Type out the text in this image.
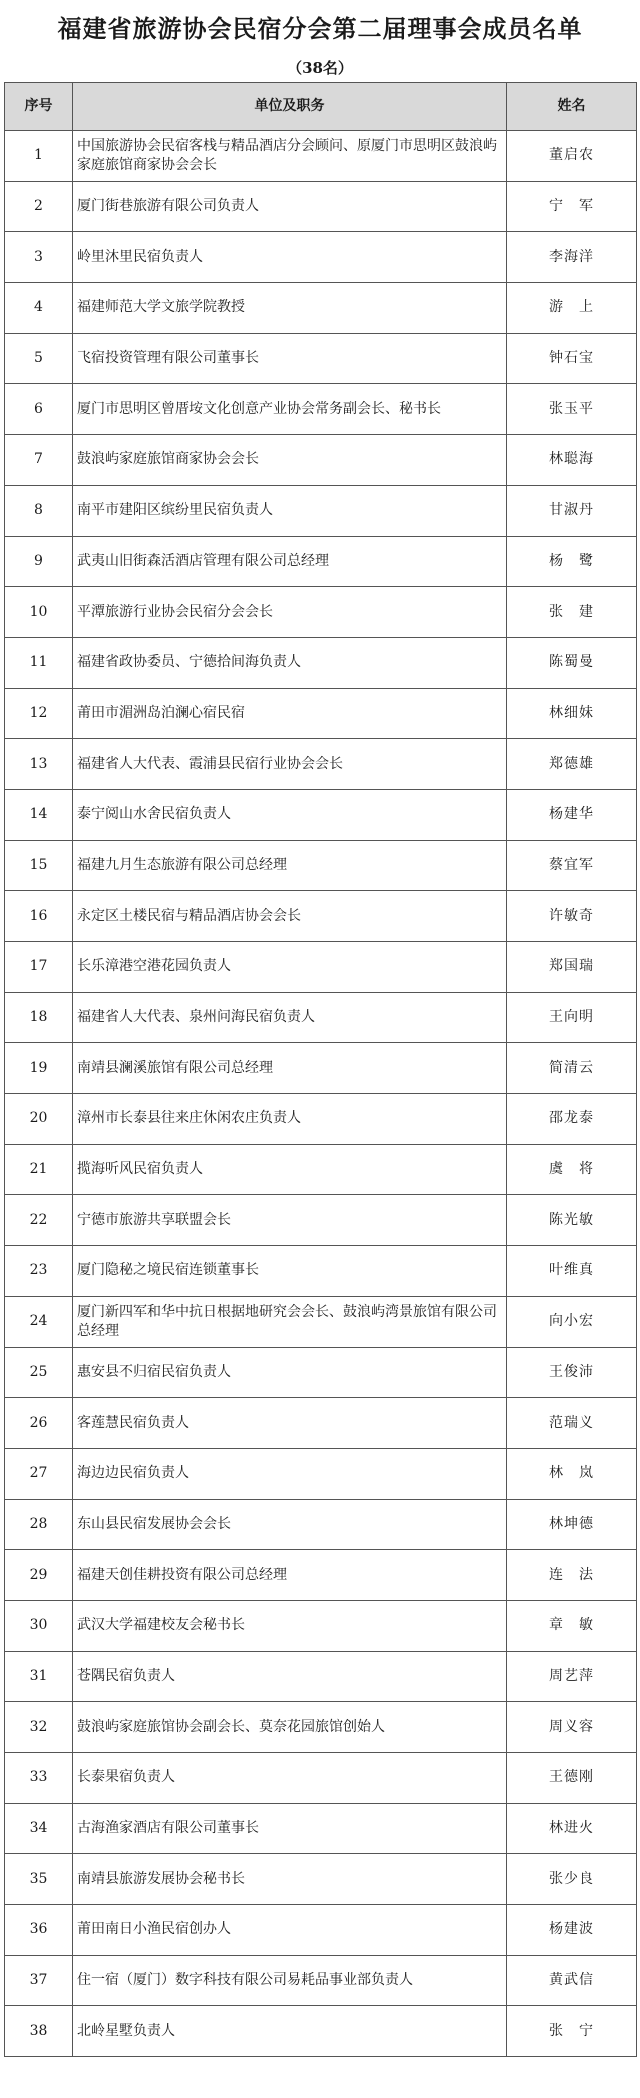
福建省旅游协会民宿分会第二届理事会成员名单
（38名）
序号	单位及职务	姓名
1	中国旅游协会民宿客栈与精品酒店分会顾问、原厦门市思明区鼓浪屿家庭旅馆商家协会会长	董启农
2	厦门街巷旅游有限公司负责人	宁　军
3	岭里沐里民宿负责人	李海洋
4	福建师范大学文旅学院教授	游　上
5	飞宿投资管理有限公司董事长	钟石宝
6	厦门市思明区曾厝垵文化创意产业协会常务副会长、秘书长	张玉平
7	鼓浪屿家庭旅馆商家协会会长	林聪海
8	南平市建阳区缤纷里民宿负责人	甘淑丹
9	武夷山旧街森活酒店管理有限公司总经理	杨　鹭
10	平潭旅游行业协会民宿分会会长	张　建
11	福建省政协委员、宁德拾间海负责人	陈蜀曼
12	莆田市湄洲岛泊澜心宿民宿	林细妹
13	福建省人大代表、霞浦县民宿行业协会会长	郑德雄
14	泰宁阅山水舍民宿负责人	杨建华
15	福建九月生态旅游有限公司总经理	蔡宜军
16	永定区土楼民宿与精品酒店协会会长	许敏奇
17	长乐漳港空港花园负责人	郑国瑞
18	福建省人大代表、泉州问海民宿负责人	王向明
19	南靖县澜溪旅馆有限公司总经理	简清云
20	漳州市长泰县往来庄休闲农庄负责人	邵龙泰
21	揽海听风民宿负责人	虞　将
22	宁德市旅游共享联盟会长	陈光敏
23	厦门隐秘之境民宿连锁董事长	叶维真
24	厦门新四军和华中抗日根据地研究会会长、鼓浪屿湾景旅馆有限公司总经理	向小宏
25	惠安县不归宿民宿负责人	王俊沛
26	客莲慧民宿负责人	范瑞义
27	海边边民宿负责人	林　岚
28	东山县民宿发展协会会长	林坤德
29	福建天创佳耕投资有限公司总经理	连　法
30	武汉大学福建校友会秘书长	章　敏
31	苍隅民宿负责人	周艺萍
32	鼓浪屿家庭旅馆协会副会长、莫奈花园旅馆创始人	周义容
33	长泰果宿负责人	王德刚
34	古海渔家酒店有限公司董事长	林进火
35	南靖县旅游发展协会秘书长	张少良
36	莆田南日小渔民宿创办人	杨建波
37	住一宿（厦门）数字科技有限公司易耗品事业部负责人	黄武信
38	北岭星墅负责人	张　宁
